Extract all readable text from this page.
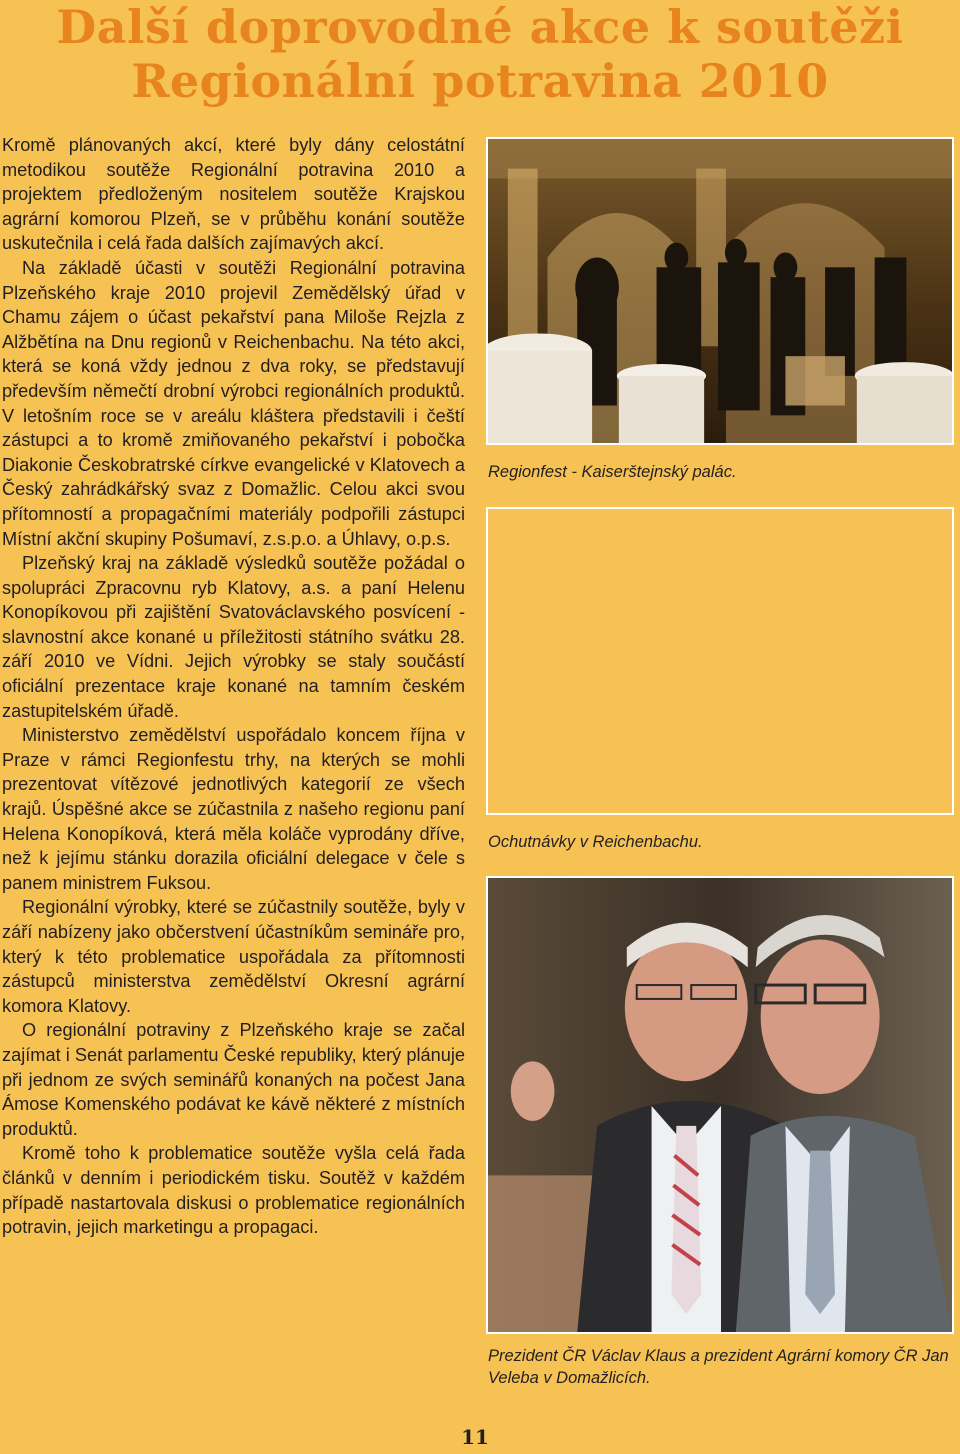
Další doprovodné akce k soutěži
Regionální potravina 2010

Kromě plánovaných akcí, které byly dány celostátní metodikou soutěže Regionální potravina 2010 a projektem předloženým nositelem soutěže Krajskou agrární komorou Plzeň, se v průběhu konání soutěže uskutečnila i celá řada dalších zajímavých akcí.

Na základě účasti v soutěži Regionální potravina Plzeňského kraje 2010 projevil Zemědělský úřad v Chamu zájem o účast pekařství pana Miloše Rejzla z Alžbětína na Dnu regionů v Reichenbachu. Na této akci, která se koná vždy jednou z dva roky, se představují především němečtí drobní výrobci regionálních produktů. V letošním roce se v areálu kláštera představili i čeští zástupci a to kromě zmiňovaného pekařství i pobočka Diakonie Českobratrské církve evangelické v Klatovech a Český zahrádkářský svaz z Domažlic. Celou akci svou přítomností a propagačními materiály podpořili zástupci Místní akční skupiny Pošumaví, z.s.p.o. a Úhlavy, o.p.s.

Plzeňský kraj na základě výsledků soutěže požádal o spolupráci Zpracovnu ryb Klatovy, a.s. a paní Helenu Konopíkovou při zajištění Svatováclavského posvícení - slavnostní akce konané u příležitosti státního svátku 28. září 2010 ve Vídni. Jejich výrobky se staly součástí oficiální prezentace kraje konané na tamním českém zastupitelském úřadě.

Ministerstvo zemědělství uspořádalo koncem října v Praze v rámci Regionfestu trhy, na kterých se mohli prezentovat vítězové jednotlivých kategorií ze všech krajů. Úspěšné akce se zúčastnila z našeho regionu paní Helena Konopíková, která měla koláče vyprodány dříve, než k jejímu stánku dorazila oficiální delegace v čele s panem ministrem Fuksou.

Regionální výrobky, které se zúčastnily soutěže, byly v září nabízeny jako občerstvení účastníkům semináře pro, který k této problematice uspořádala za přítomnosti zástupců ministerstva zemědělství Okresní agrární komora Klatovy.

O regionální potraviny z Plzeňského kraje se začal zajímat i Senát parlamentu České republiky, který plánuje při jednom ze svých seminářů konaných na počest Jana Ámose Komenského podávat ke kávě některé z místních produktů.

Kromě toho k problematice soutěže vyšla celá řada článků v denním i periodickém tisku. Soutěž v každém případě nastartovala diskusi o problematice regionálních potravin, jejich marketingu a propagaci.

Regionfest - Kaiserštejnský palác.
Ochutnávky v Reichenbachu.
Prezident ČR Václav Klaus a prezident Agrární komory ČR Jan Veleba v Domažlicích.
11
